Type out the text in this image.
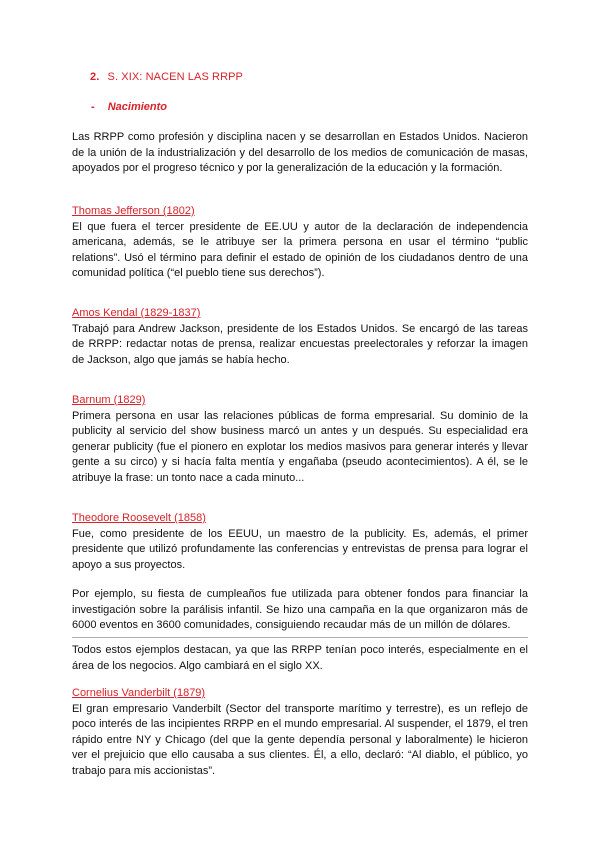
2. S. XIX: NACEN LAS RRPP
- Nacimiento

Las RRPP como profesión y disciplina nacen y se desarrollan en Estados Unidos. Nacieron de la unión de la industrialización y del desarrollo de los medios de comunicación de masas, apoyados por el progreso técnico y por la generalización de la educación y la formación.

Thomas Jefferson (1802)

El que fuera el tercer presidente de EE.UU y autor de la declaración de independencia americana, además, se le atribuye ser la primera persona en usar el término “public relations”. Usó el término para definir el estado de opinión de los ciudadanos dentro de una comunidad política (“el pueblo tiene sus derechos”).

Amos Kendal (1829-1837)

Trabajó para Andrew Jackson, presidente de los Estados Unidos. Se encargó de las tareas de RRPP: redactar notas de prensa, realizar encuestas preelectorales y reforzar la imagen de Jackson, algo que jamás se había hecho.

Barnum (1829)

Primera persona en usar las relaciones públicas de forma empresarial. Su dominio de la publicity al servicio del show business marcó un antes y un después. Su especialidad era generar publicity (fue el pionero en explotar los medios masivos para generar interés y llevar gente a su circo) y si hacía falta mentía y engañaba (pseudo acontecimientos). A él, se le atribuye la frase: un tonto nace a cada minuto...

Theodore Roosevelt (1858)

Fue, como presidente de los EEUU, un maestro de la publicity. Es, además, el primer presidente que utilizó profundamente las conferencias y entrevistas de prensa para lograr el apoyo a sus proyectos.

Por ejemplo, su fiesta de cumpleaños fue utilizada para obtener fondos para financiar la investigación sobre la parálisis infantil. Se hizo una campaña en la que organizaron más de 6000 eventos en 3600 comunidades, consiguiendo recaudar más de un millón de dólares.

Todos estos ejemplos destacan, ya que las RRPP tenían poco interés, especialmente en el área de los negocios. Algo cambiará en el siglo XX.

Cornelius Vanderbilt (1879)

El gran empresario Vanderbilt (Sector del transporte marítimo y terrestre), es un reflejo de poco interés de las incipientes RRPP en el mundo empresarial. Al suspender, el 1879, el tren rápido entre NY y Chicago (del que la gente dependía personal y laboralmente) le hicieron ver el prejuicio que ello causaba a sus clientes. Él, a ello, declaró: “Al diablo, el público, yo trabajo para mis accionistas”.
